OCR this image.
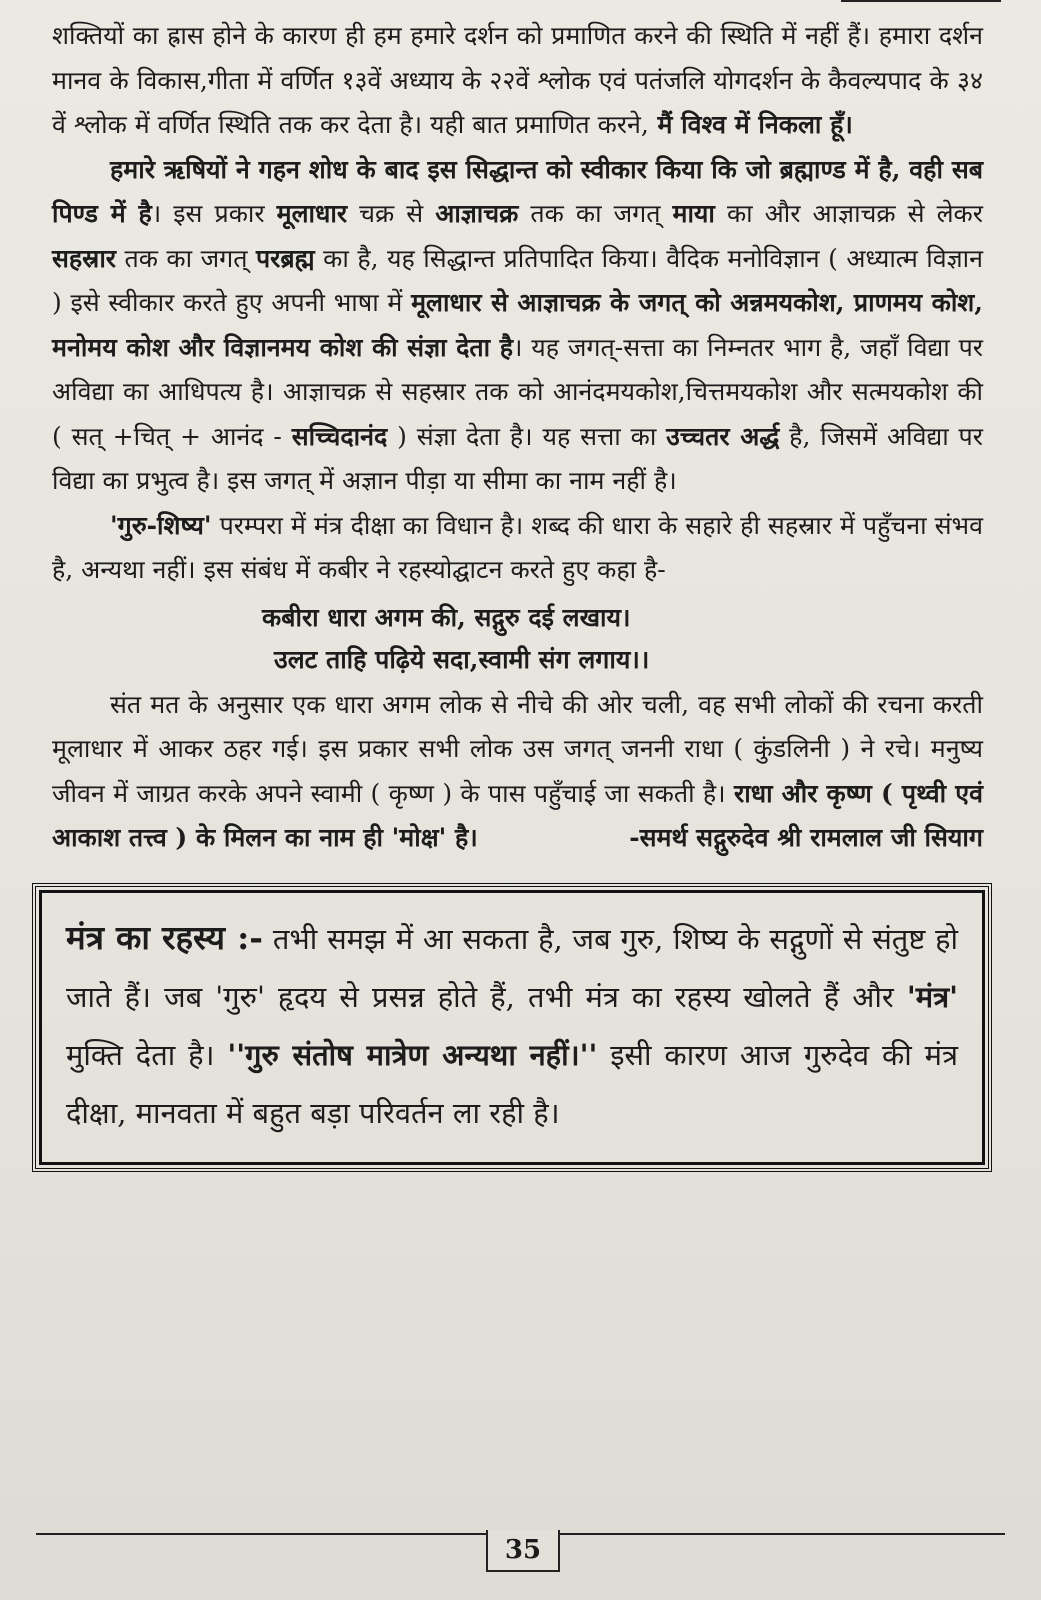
शक्तियों का ह्रास होने के कारण ही हम हमारे दर्शन को प्रमाणित करने की स्थिति में नहीं हैं। हमारा दर्शन मानव के विकास,गीता में वर्णित १३वें अध्याय के २२वें श्लोक एवं पतंजलि योगदर्शन के कैवल्यपाद के ३४ वें श्लोक में वर्णित स्थिति तक कर देता है। यही बात प्रमाणित करने, मैं विश्व में निकला हूँ।

हमारे ऋषियों ने गहन शोध के बाद इस सिद्धान्त को स्वीकार किया कि जो ब्रह्माण्ड में है, वही सब पिण्ड में है। इस प्रकार मूलाधार चक्र से आज्ञाचक्र तक का जगत् माया का और आज्ञाचक्र से लेकर सहस्रार तक का जगत् परब्रह्म का है, यह सिद्धान्त प्रतिपादित किया। वैदिक मनोविज्ञान ( अध्यात्म विज्ञान ) इसे स्वीकार करते हुए अपनी भाषा में मूलाधार से आज्ञाचक्र के जगत् को अन्नमयकोश, प्राणमय कोश, मनोमय कोश और विज्ञानमय कोश की संज्ञा देता है। यह जगत्-सत्ता का निम्नतर भाग है, जहाँ विद्या पर अविद्या का आधिपत्य है। आज्ञाचक्र से सहस्रार तक को आनंदमयकोश,चित्तमयकोश और सत्मयकोश की ( सत् +चित् + आनंद - सच्चिदानंद ) संज्ञा देता है। यह सत्ता का उच्चतर अर्द्ध है, जिसमें अविद्या पर विद्या का प्रभुत्व है। इस जगत् में अज्ञान पीड़ा या सीमा का नाम नहीं है।

'गुरु-शिष्य' परम्परा में मंत्र दीक्षा का विधान है। शब्द की धारा के सहारे ही सहस्रार में पहुँचना संभव है, अन्यथा नहीं। इस संबंध में कबीर ने रहस्योद्घाटन करते हुए कहा है-

कबीरा धारा अगम की, सद्गुरु दई लखाय।
उलट ताहि पढ़िये सदा,स्वामी संग लगाय।।

संत मत के अनुसार एक धारा अगम लोक से नीचे की ओर चली, वह सभी लोकों की रचना करती मूलाधार में आकर ठहर गई। इस प्रकार सभी लोक उस जगत् जननी राधा ( कुंडलिनी ) ने रचे। मनुष्य जीवन में जाग्रत करके अपने स्वामी ( कृष्ण ) के पास पहुँचाई जा सकती है। राधा और कृष्ण ( पृथ्वी एवं आकाश तत्त्व ) के मिलन का नाम ही 'मोक्ष' है।	-समर्थ सद्गुरुदेव श्री रामलाल जी सियाग

मंत्र का रहस्य :- तभी समझ में आ सकता है, जब गुरु, शिष्य के सद्गुणों से संतुष्ट हो जाते हैं। जब 'गुरु' हृदय से प्रसन्न होते हैं, तभी मंत्र का रहस्य खोलते हैं और 'मंत्र' मुक्ति देता है। ''गुरु संतोष मात्रेण अन्यथा नहीं।'' इसी कारण आज गुरुदेव की मंत्र दीक्षा, मानवता में बहुत बड़ा परिवर्तन ला रही है।

35
